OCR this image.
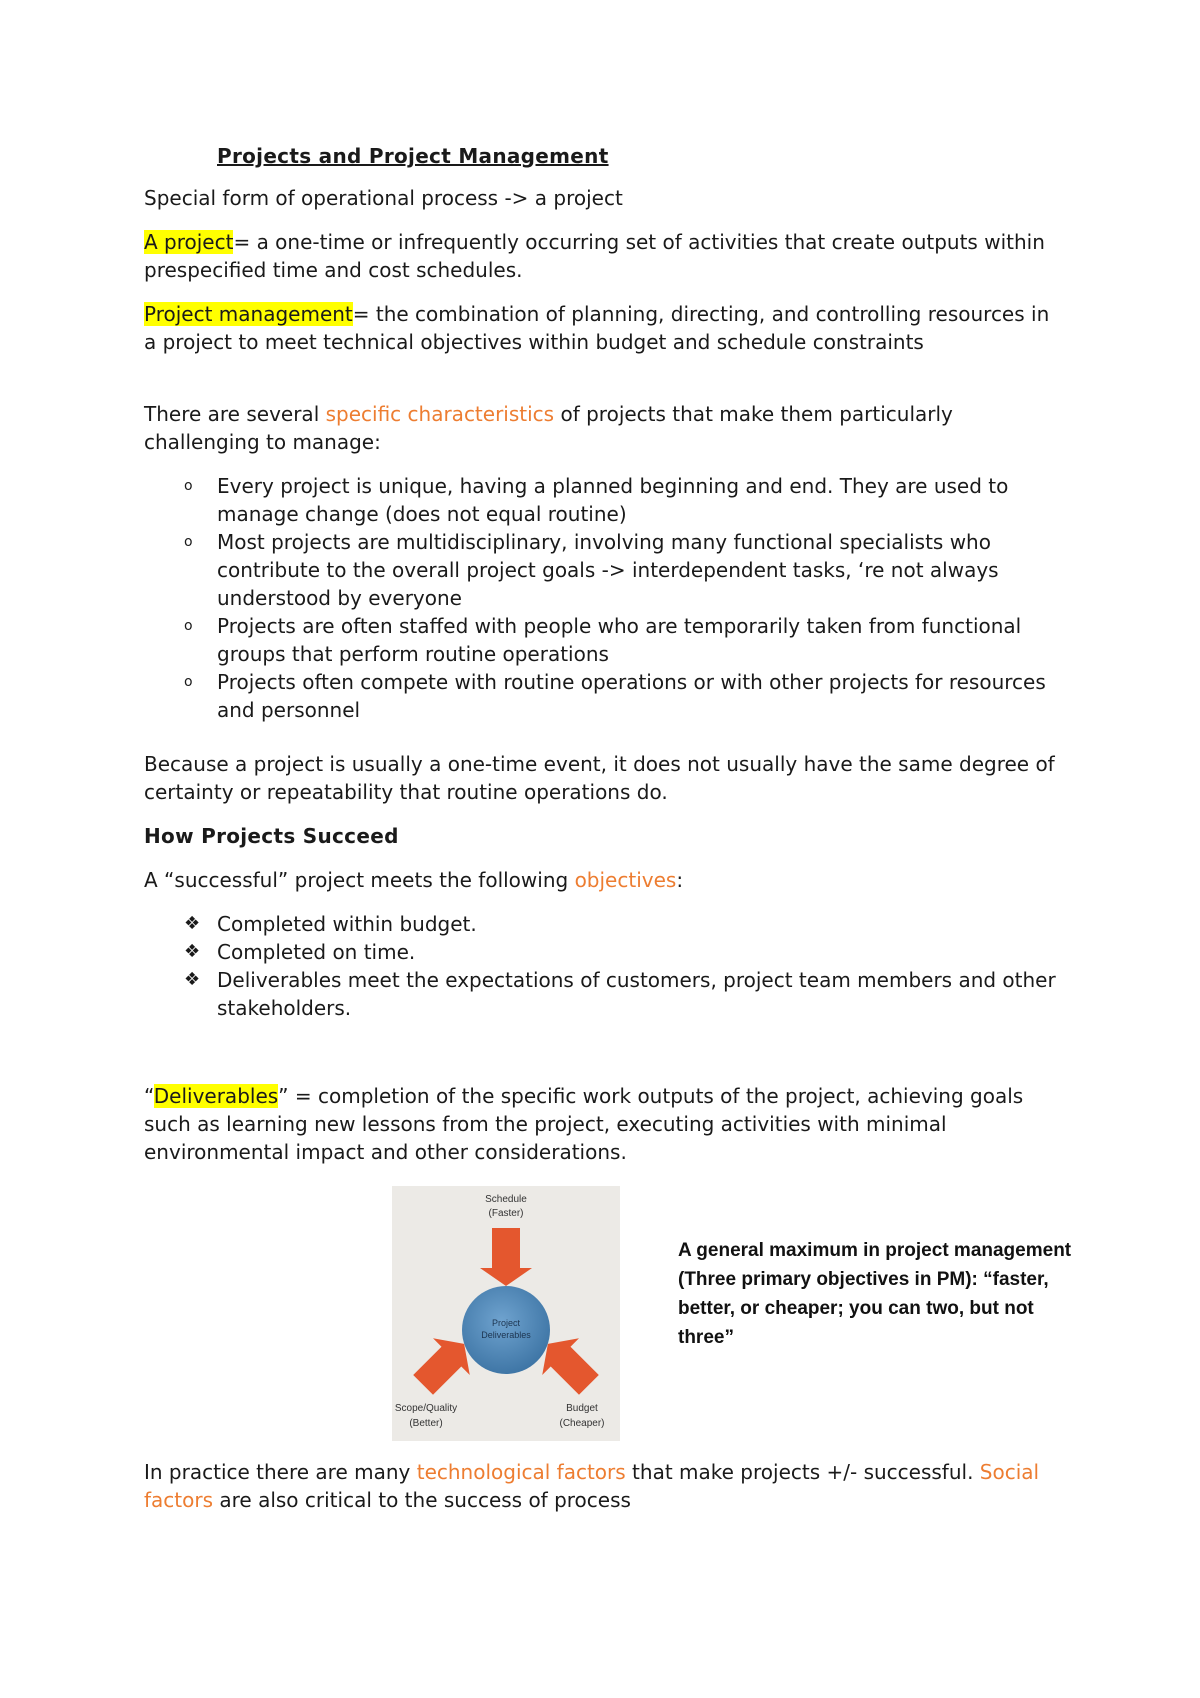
Projects and Project Management

Special form of operational process -> a project

A project= a one-time or infrequently occurring set of activities that create outputs within prespecified time and cost schedules.

Project management= the combination of planning, directing, and controlling resources in a project to meet technical objectives within budget and schedule constraints

There are several specific characteristics of projects that make them particularly challenging to manage:

o	Every project is unique, having a planned beginning and end. They are used to manage change (does not equal routine)
o	Most projects are multidisciplinary, involving many functional specialists who contribute to the overall project goals -> interdependent tasks, ‘re not always understood by everyone
o	Projects are often staffed with people who are temporarily taken from functional groups that perform routine operations
o	Projects often compete with routine operations or with other projects for resources and personnel

Because a project is usually a one-time event, it does not usually have the same degree of certainty or repeatability that routine operations do.

How Projects Succeed

A “successful” project meets the following objectives:

❖ Completed within budget.
❖ Completed on time.
❖ Deliverables meet the expectations of customers, project team members and other stakeholders.

“Deliverables” = completion of the specific work outputs of the project, achieving goals such as learning new lessons from the project, executing activities with minimal environmental impact and other considerations.

In practice there are many technological factors that make projects +/- successful. Social factors are also critical to the success of process

Project
Deliverables
Schedule
(Faster)
Scope/Quality
(Better)
Budget
(Cheaper)

A general maximum in project management (Three primary objectives in PM): “faster, better, or cheaper; you can two, but not three”
